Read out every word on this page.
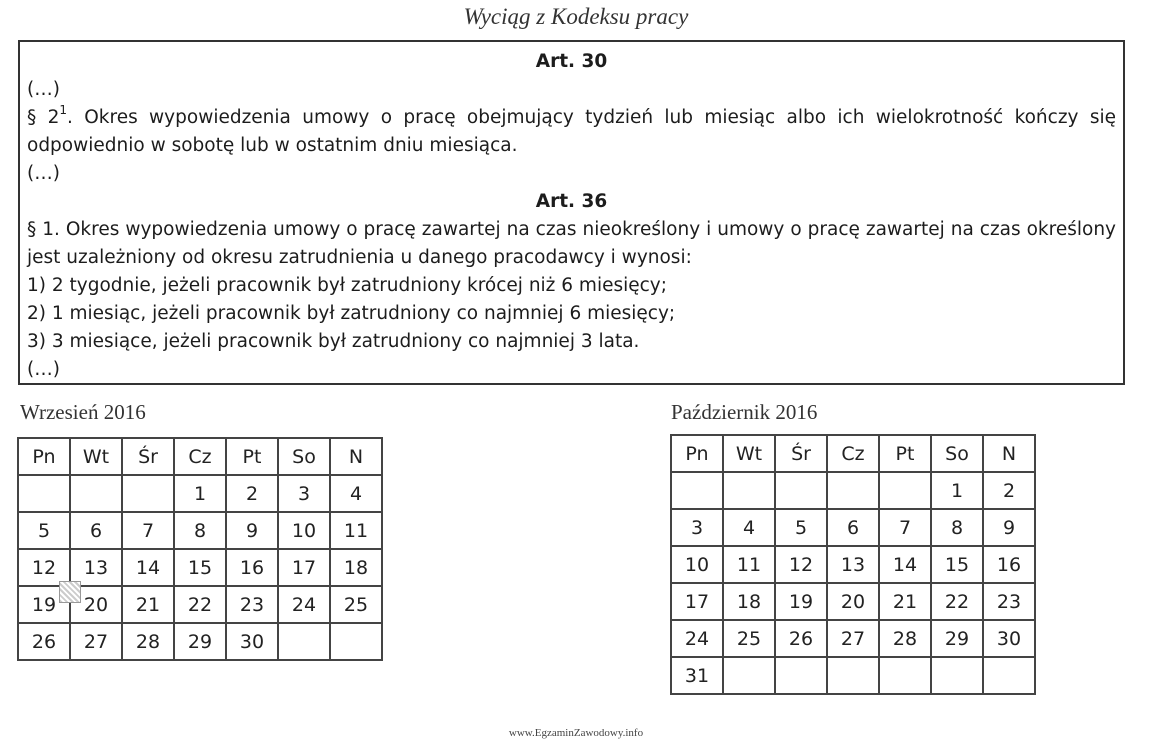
Wyciąg z Kodeksu pracy
Art. 30
(…)
§ $2^1$. Okres wypowiedzenia umowy o pracę obejmujący tydzień lub miesiąc albo ich wielokrotność kończy się
odpowiednio w sobotę lub w ostatnim dniu miesiąca.
(…)
Art. 36
§ 1. Okres wypowiedzenia umowy o pracę zawartej na czas nieokreślony i umowy o pracę zawartej na czas określony
jest uzależniony od okresu zatrudnienia u danego pracodawcy i wynosi:
1) 2 tygodnie, jeżeli pracownik był zatrudniony krócej niż 6 miesięcy;
2) 1 miesiąc, jeżeli pracownik był zatrudniony co najmniej 6 miesięcy;
3) 3 miesiące, jeżeli pracownik był zatrudniony co najmniej 3 lata.
(…)
Wrzesień 2016
Pn	Wt	Śr	Cz	Pt	So	N
			1	2	3	4
5	6	7	8	9	10	11
12	13	14	15	16	17	18
19	20	21	22	23	24	25
26	27	28	29	30		
Październik 2016
Pn	Wt	Śr	Cz	Pt	So	N
					1	2
3	4	5	6	7	8	9
10	11	12	13	14	15	16
17	18	19	20	21	22	23
24	25	26	27	28	29	30
31						
www.EgzaminZawodowy.info
